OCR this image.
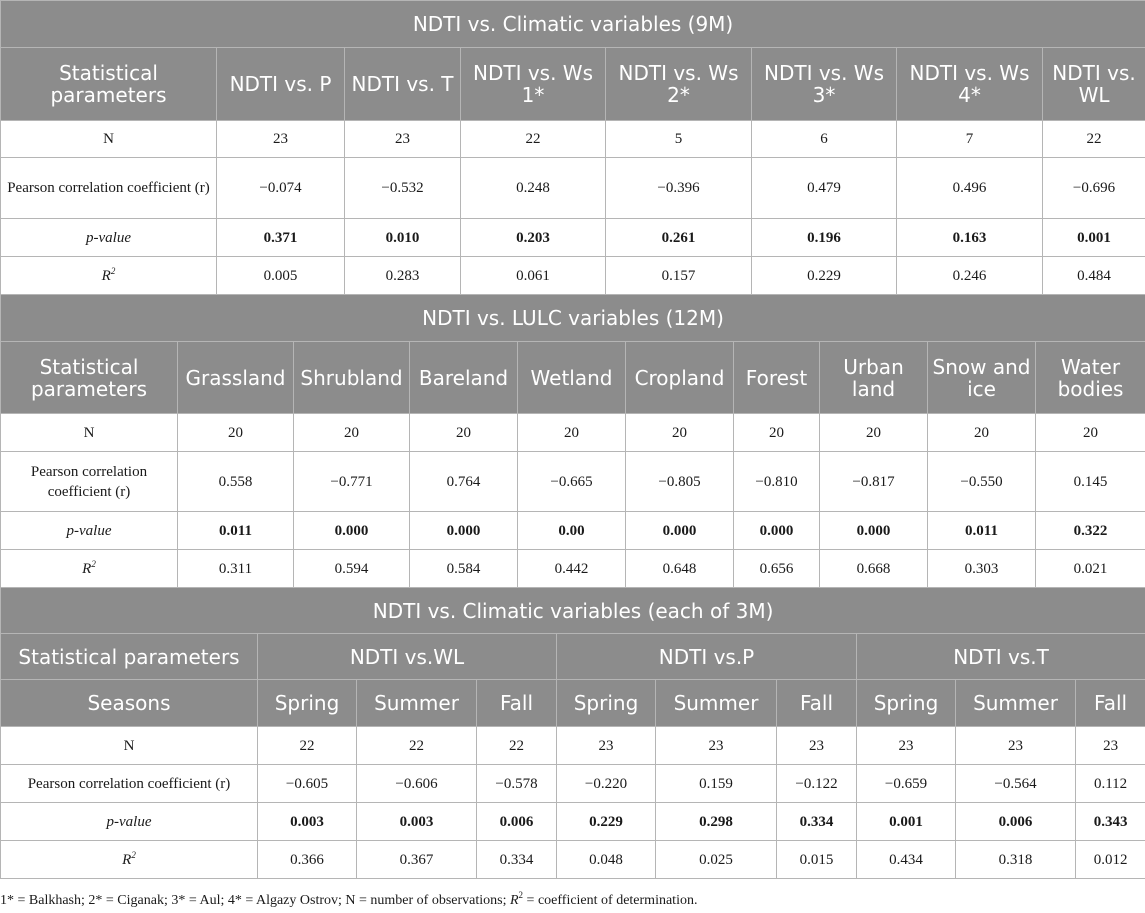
NDTI vs. Climatic variables (9M)							
Statistical parameters	NDTI vs. P	NDTI vs. T	NDTI vs. Ws 1*	NDTI vs. Ws 2*	NDTI vs. Ws 3*	NDTI vs. Ws 4*	NDTI vs. WL
N	23	23	22	5	6	7	22
Pearson correlation coefficient (r)	−0.074	−0.532	0.248	−0.396	0.479	0.496	−0.696
p-value	0.371	0.010	0.203	0.261	0.196	0.163	0.001
$R^2$	0.005	0.283	0.061	0.157	0.229	0.246	0.484
NDTI vs. LULC variables (12M)									
Statistical parameters	Grassland	Shrubland	Bareland	Wetland	Cropland	Forest	Urban land	Snow and ice	Water bodies
N	20	20	20	20	20	20	20	20	20
Pearson correlation coefficient (r)	0.558	−0.771	0.764	−0.665	−0.805	−0.810	−0.817	−0.550	0.145
p-value	0.011	0.000	0.000	0.00	0.000	0.000	0.000	0.011	0.322
$R^2$	0.311	0.594	0.584	0.442	0.648	0.656	0.668	0.303	0.021
NDTI vs. Climatic variables (each of 3M)									
Statistical parameters	NDTI vs.WL			NDTI vs.P			NDTI vs.T		
Seasons	Spring	Summer	Fall	Spring	Summer	Fall	Spring	Summer	Fall
N	22	22	22	23	23	23	23	23	23
Pearson correlation coefficient (r)	−0.605	−0.606	−0.578	−0.220	0.159	−0.122	−0.659	−0.564	0.112
p-value	0.003	0.003	0.006	0.229	0.298	0.334	0.001	0.006	0.343
$R^2$	0.366	0.367	0.334	0.048	0.025	0.015	0.434	0.318	0.012
1* = Balkhash; 2* = Ciganak; 3* = Aul; 4* = Algazy Ostrov; N = number of observations; $R^2$ = coefficient of determination.
